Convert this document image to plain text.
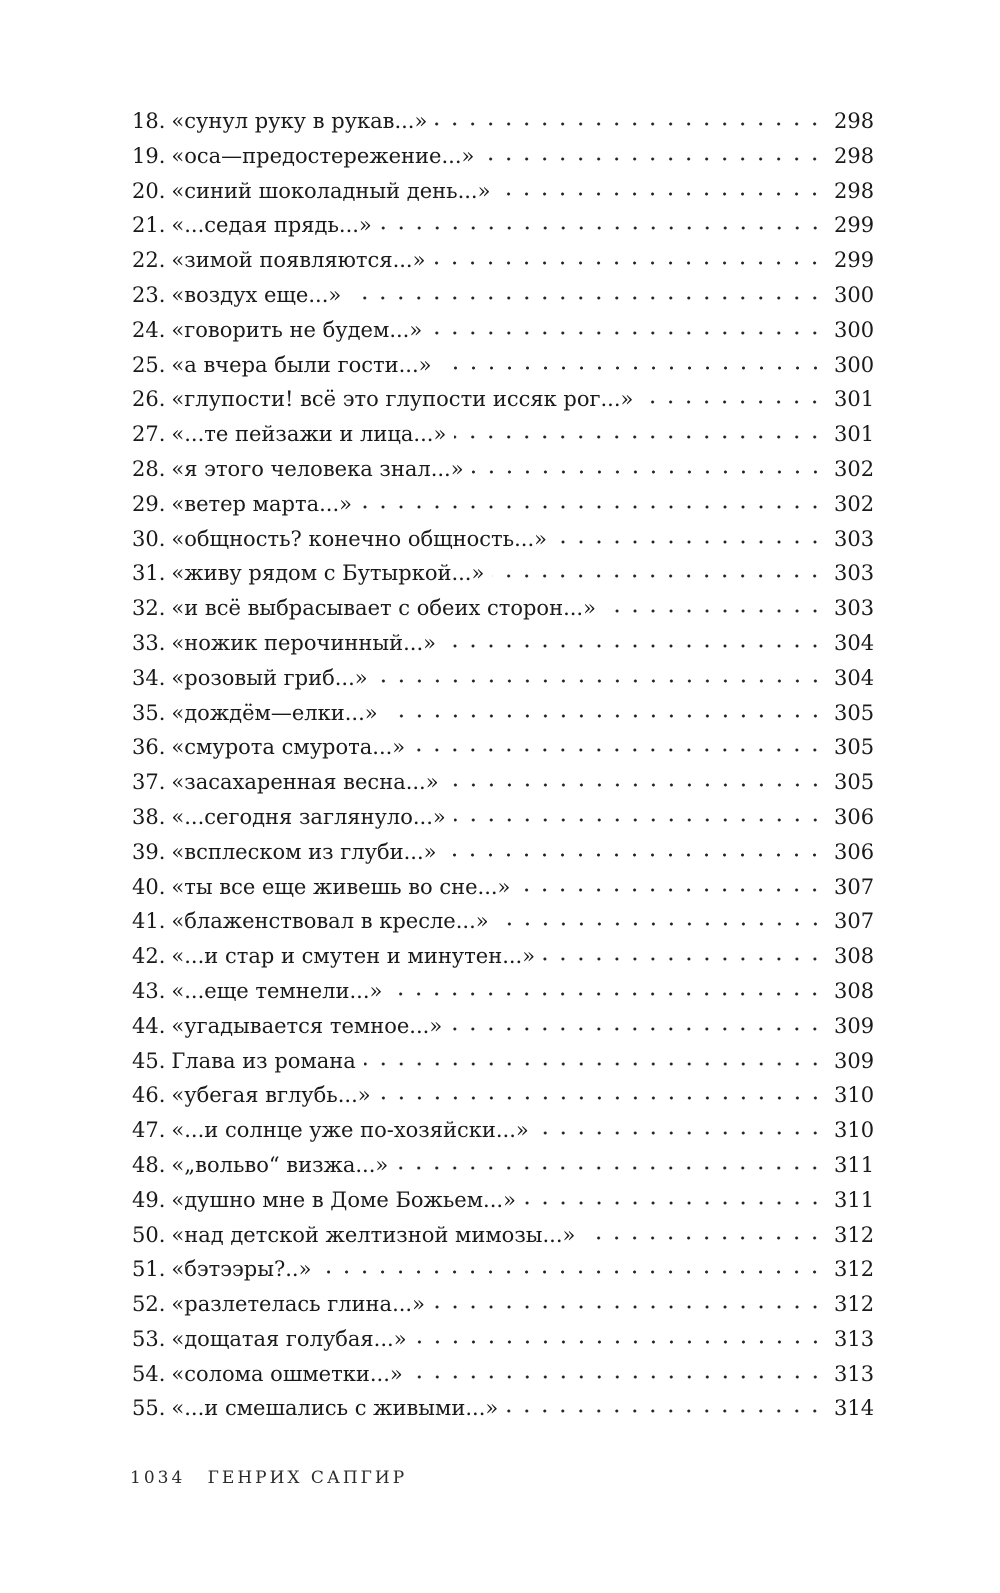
18. «сунул руку в рукав...»	298
19. «оса—предостережение...»	298
20. «синий шоколадный день...»	298
21. «...седая прядь...»	299
22. «зимой появляются...»	299
23. «воздух еще...»	300
24. «говорить не будем...»	300
25. «а вчера были гости...»	300
26. «глупости! всё это глупости иссяк рог...»	301
27. «...те пейзажи и лица...»	301
28. «я этого человека знал...»	302
29. «ветер марта...»	302
30. «общность? конечно общность...»	303
31. «живу рядом с Бутыркой...»	303
32. «и всё выбрасывает с обеих сторон...»	303
33. «ножик перочинный...»	304
34. «розовый гриб...»	304
35. «дождём—елки...»	305
36. «смурота смурота...»	305
37. «засахаренная весна...»	305
38. «...сегодня заглянуло...»	306
39. «всплеском из глуби...»	306
40. «ты все еще живешь во сне...»	307
41. «блаженствовал в кресле...»	307
42. «...и стар и смутен и минутен...»	308
43. «...еще темнели...»	308
44. «угадывается темное...»	309
45. Глава из романа	309
46. «убегая вглубь...»	310
47. «...и солнце уже по-хозяйски...»	310
48. «„вольво“ визжа...»	311
49. «душно мне в Доме Божьем...»	311
50. «над детской желтизной мимозы...»	312
51. «бэтээры?..»	312
52. «разлетелась глина...»	312
53. «дощатая голубая...»	313
54. «солома ошметки...»	313
55. «...и смешались с живыми...»	314
1034 ГЕНРИХ САПГИР
